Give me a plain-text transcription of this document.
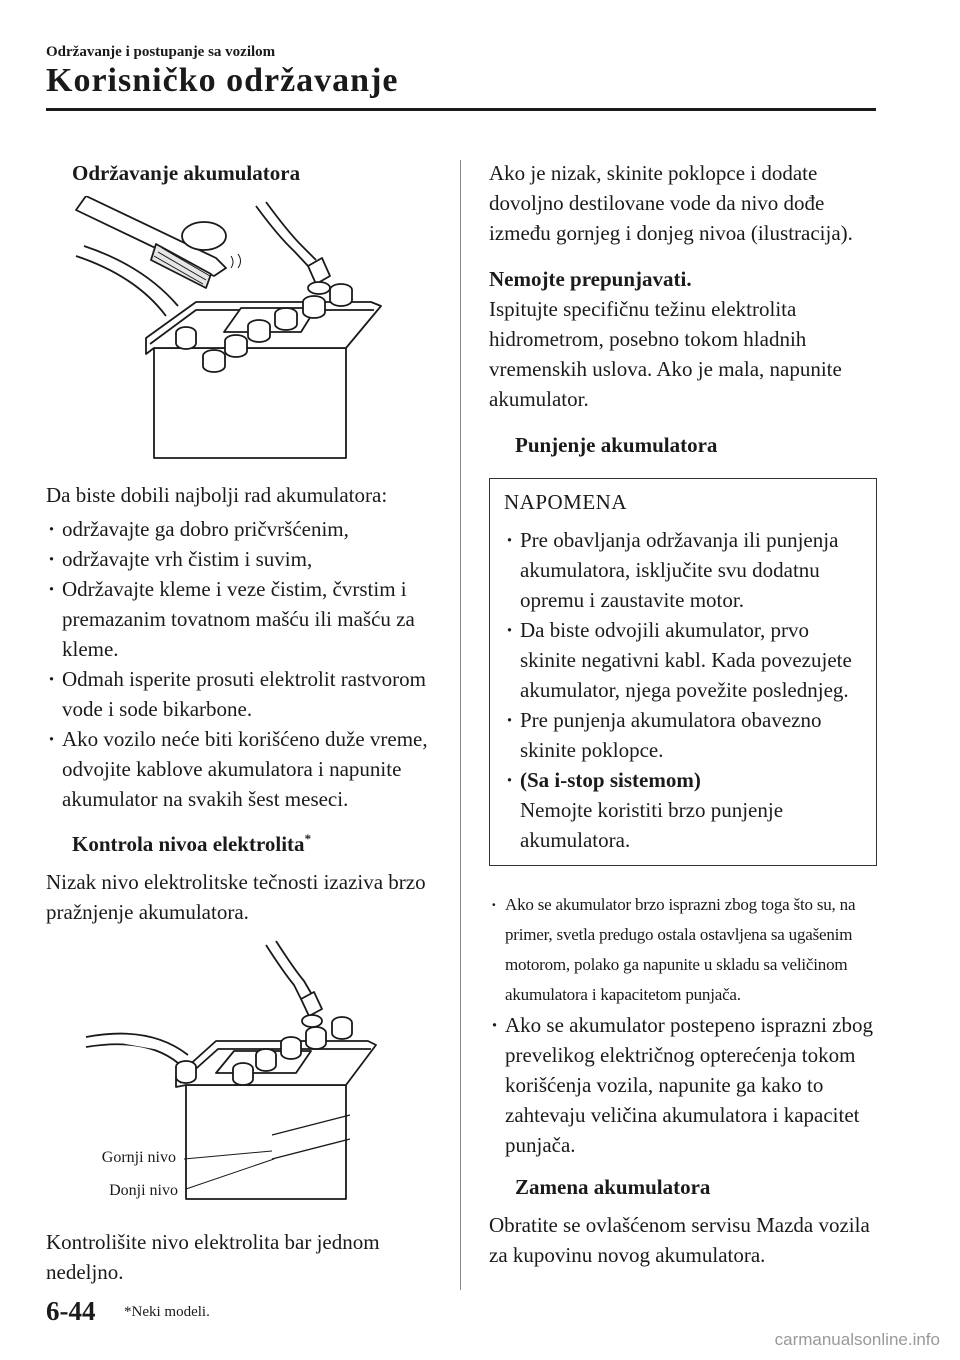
Održavanje i postupanje sa vozilom
Korisničko održavanje
Održavanje akumulatora

Da biste dobili najbolji rad akumulatora:

· održavajte ga dobro pričvršćenim,
· održavajte vrh čistim i suvim,
· Održavajte kleme i veze čistim, čvrstim i premazanim tovatnom mašću ili mašću za kleme.
· Odmah isperite prosuti elektrolit rastvorom vode i sode bikarbone.
· Ako vozilo neće biti korišćeno duže vreme, odvojite kablove akumulatora i napunite akumulator na svakih šest meseci.
Kontrola nivoa elektrolita*

Nizak nivo elektrolitske tečnosti izaziva brzo pražnjenje akumulatora.

Gornji nivo
Donji nivo

Kontrolišite nivo elektrolita bar jednom nedeljno.

Ako je nizak, skinite poklopce i dodate dovoljno destilovane vode da nivo dođe između gornjeg i donjeg nivoa (ilustracija).

Nemojte prepunjavati.

Ispitujte specifičnu težinu elektrolita hidrometrom, posebno tokom hladnih vremenskih uslova. Ako je mala, napunite akumulator.

Punjenje akumulatora
NAPOMENA
· Pre obavljanja održavanja ili punjenja akumulatora, isključite svu dodatnu opremu i zaustavite motor.
· Da biste odvojili akumulator, prvo skinite negativni kabl. Kada povezujete akumulator, njega povežite poslednjeg.
· Pre punjenja akumulatora obavezno skinite poklopce.
· (Sa i-stop sistemom)
Nemojte koristiti brzo punjenje akumulatora.
· Ako se akumulator brzo isprazni zbog toga što su, na primer, svetla predugo ostala ostavljena sa ugašenim motorom, polako ga napunite u skladu sa veličinom akumulatora i kapacitetom punjača.
· Ako se akumulator postepeno isprazni zbog prevelikog električnog opterećenja tokom korišćenja vozila, napunite ga kako to zahtevaju veličina akumulatora i kapacitet punjača.
Zamena akumulatora

Obratite se ovlašćenom servisu Mazda vozila za kupovinu novog akumulatora.

6-44 *Neki modeli.
carmanualsonline.info
